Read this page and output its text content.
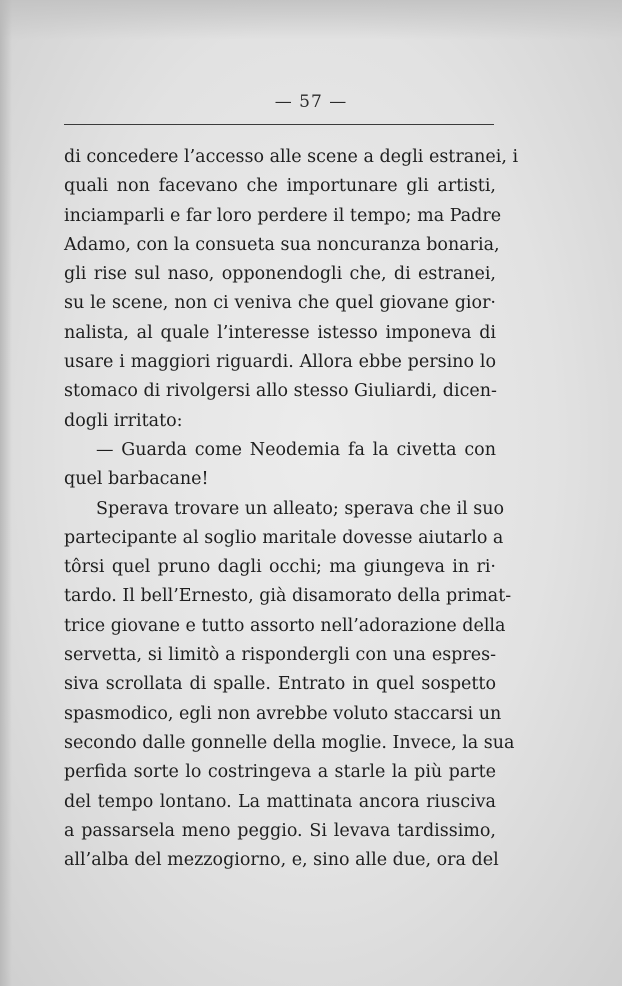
— 57 —
di concedere l’accesso alle scene a degli estranei, i
quali non facevano che importunare gli artisti,
inciamparli e far loro perdere il tempo; ma Padre
Adamo, con la consueta sua noncuranza bonaria,
gli rise sul naso, opponendogli che, di estranei,
su le scene, non ci veniva che quel giovane gior·
nalista, al quale l’interesse istesso imponeva di
usare i maggiori riguardi. Allora ebbe persino lo
stomaco di rivolgersi allo stesso Giuliardi, dicen-
dogli irritato:
— Guarda come Neodemia fa la civetta con
quel barbacane!
Sperava trovare un alleato; sperava che il suo
partecipante al soglio maritale dovesse aiutarlo a
tôrsi quel pruno dagli occhi; ma giungeva in ri·
tardo. Il bell’Ernesto, già disamorato della primat-
trice giovane e tutto assorto nell’adorazione della
servetta, si limitò a rispondergli con una espres-
siva scrollata di spalle. Entrato in quel sospetto
spasmodico, egli non avrebbe voluto staccarsi un
secondo dalle gonnelle della moglie. Invece, la sua
perfida sorte lo costringeva a starle la più parte
del tempo lontano. La mattinata ancora riusciva
a passarsela meno peggio. Si levava tardissimo,
all’alba del mezzogiorno, e, sino alle due, ora del
